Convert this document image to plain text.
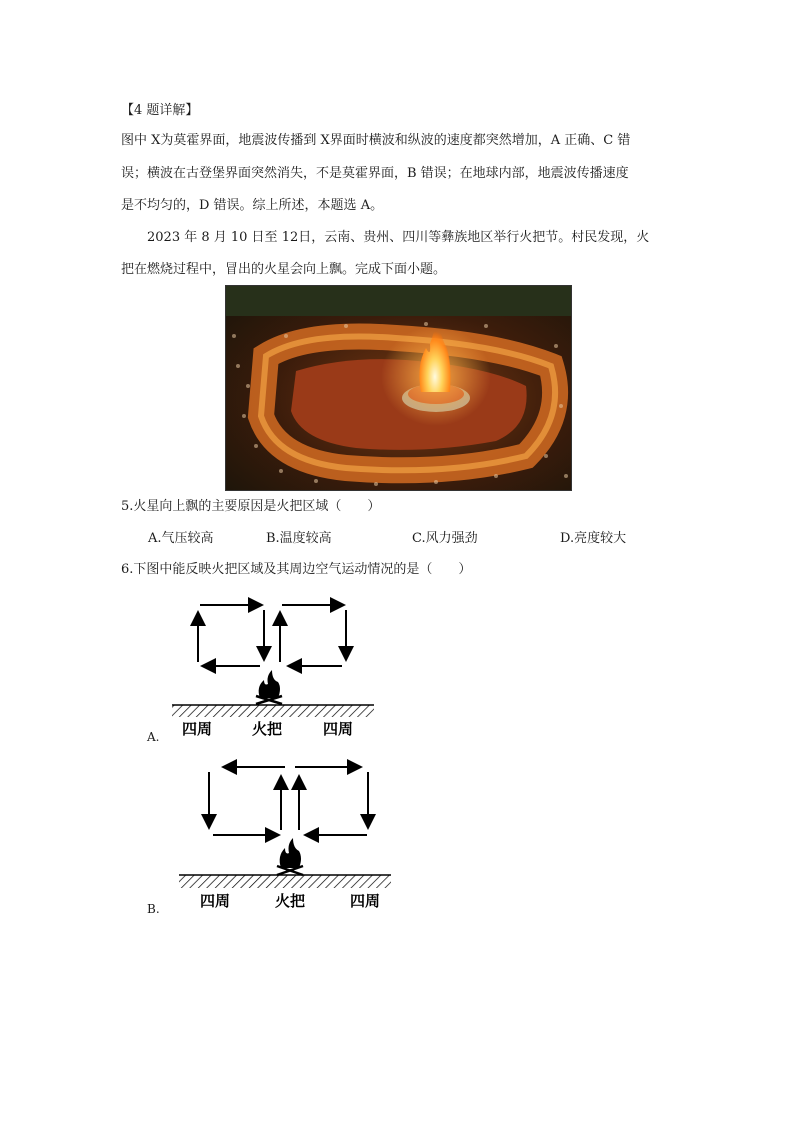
【4 题详解】
图中 X为莫霍界面，地震波传播到 X界面时横波和纵波的速度都突然增加，A 正确、C 错
误；横波在古登堡界面突然消失，不是莫霍界面，B 错误；在地球内部，地震波传播速度
是不均匀的，D 错误。综上所述，本题选 A。
2023 年 8 月 10 日至 12日，云南、贵州、四川等彝族地区举行火把节。村民发现，火
把在燃烧过程中，冒出的火星会向上飘。完成下面小题。
5.火星向上飘的主要原因是火把区域（　　）
A.气压较高	B.温度较高	C.风力强劲	D.亮度较大
6.下图中能反映火把区域及其周边空气运动情况的是（　　）
A. 四周	火把	四周
B.	四周	火把	四周
